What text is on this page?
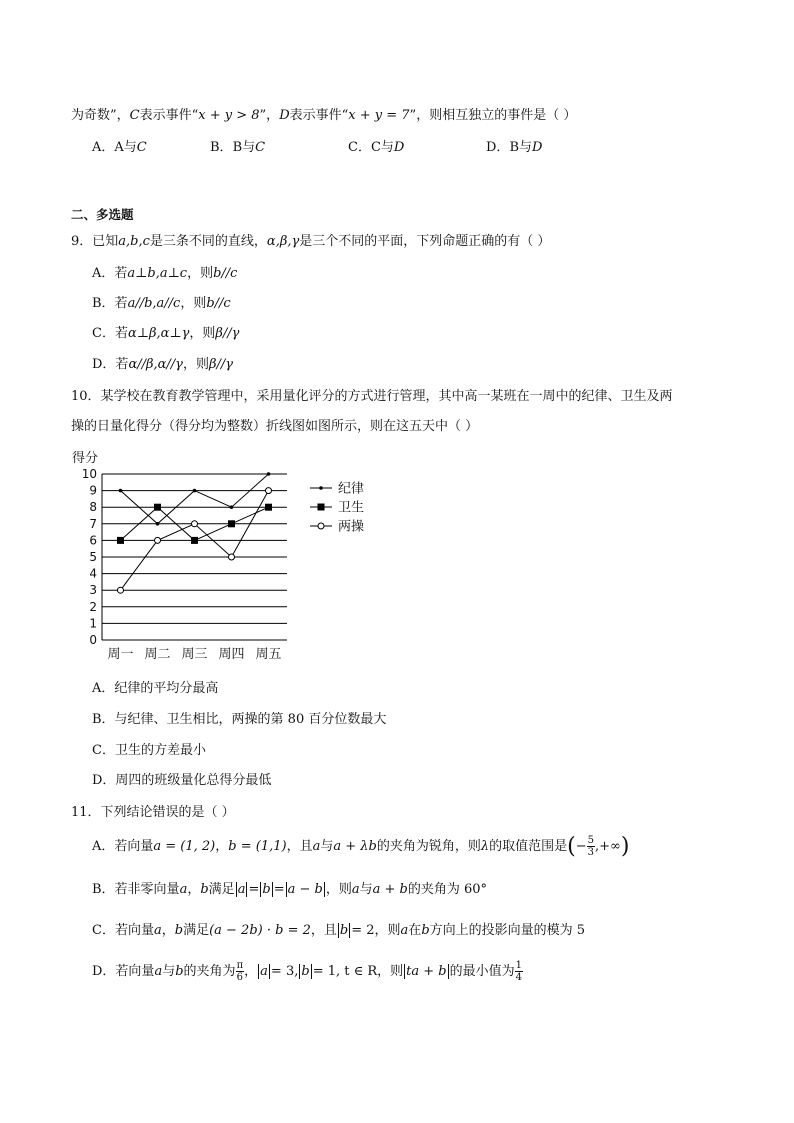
为奇数”，C表示事件“x + y > 8”，D表示事件“x + y = 7”，则相互独立的事件是（ ）
A．A与C	B．B与C	C．C与D	D．B与D
二、多选题
9．已知a,b,c是三条不同的直线，α,β,γ是三个不同的平面，下列命题正确的有（ ）
A．若a⊥b,a⊥c，则b//c
B．若a//b,a//c，则b//c
C．若α⊥β,α⊥γ，则β//γ
D．若α//β,α//γ，则β//γ
10．某学校在教育教学管理中，采用量化评分的方式进行管理，其中高一某班在一周中的纪律、卫生及两
操的日量化得分（得分均为整数）折线图如图所示，则在这五天中（ ）
0
1
2
3
4
5
6
7
8
9
10
得分
周一 周二 周三 周四 周五
纪律
卫生
两操
A．纪律的平均分最高
B．与纪律、卫生相比，两操的第 80 百分位数最大
C．卫生的方差最小
D．周四的班级量化总得分最低
11．下列结论错误的是（ ）
A．若向量a = (1, 2)，b = (1,1)，且a与a + λb的夹角为锐角，则λ的取值范围是(− $\frac{5}{3}$ ,+∞)
B．若非零向量a，b满足 a = b = a − b ，则a与a + b的夹角为 60°
C．若向量a，b满足(a − 2b) · b = 2，且 b = 2，则a在b方向上的投影向量的模为 5
D．若向量a与b的夹角为 $\frac{\pi}{6}$ ， a = 3, b = 1, t ∈ R，则 ta + b 的最小值为 $\frac{1}{4}$
